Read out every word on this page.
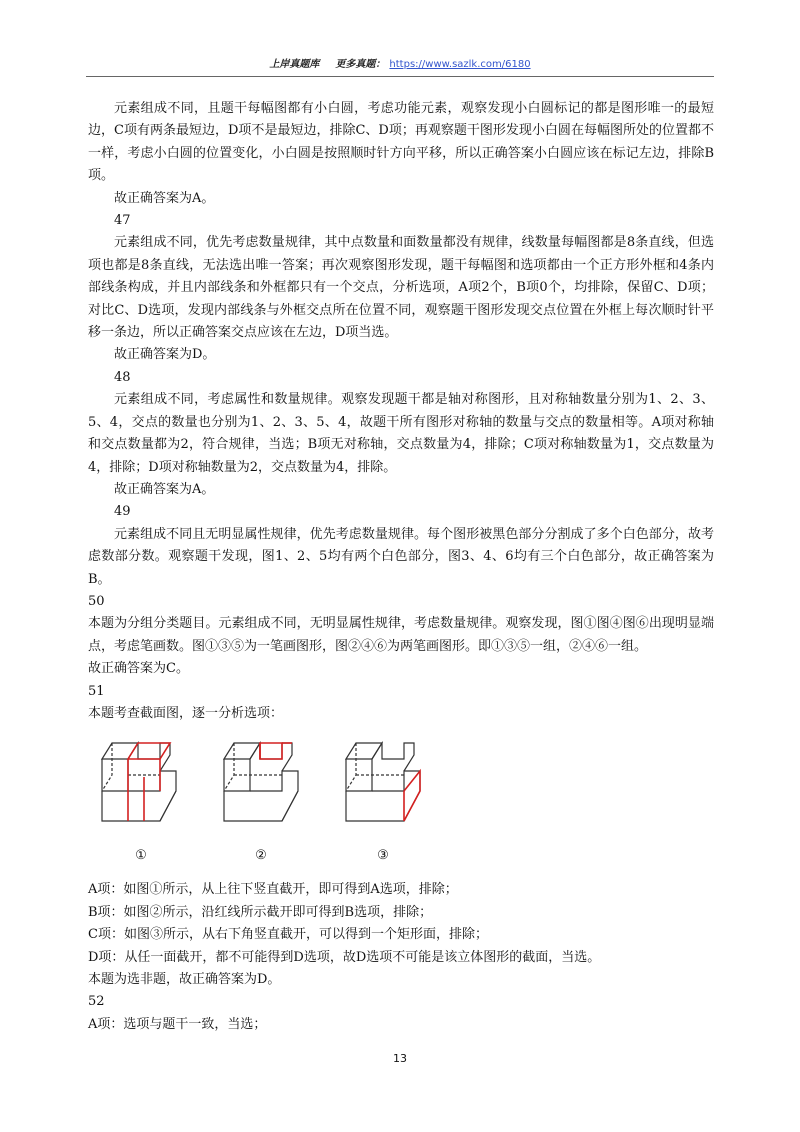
上岸真题库 更多真题： https://www.sazlk.com/6180

元素组成不同，且题干每幅图都有小白圆，考虑功能元素，观察发现小白圆标记的都是图形唯一的最短边，C项有两条最短边，D项不是最短边，排除C、D项；再观察题干图形发现小白圆在每幅图所处的位置都不一样，考虑小白圆的位置变化，小白圆是按照顺时针方向平移，所以正确答案小白圆应该在标记左边，排除B项。

故正确答案为A。

47

元素组成不同，优先考虑数量规律，其中点数量和面数量都没有规律，线数量每幅图都是8条直线，但选项也都是8条直线，无法选出唯一答案；再次观察图形发现，题干每幅图和选项都由一个正方形外框和4条内部线条构成，并且内部线条和外框都只有一个交点，分析选项，A项2个，B项0个，均排除，保留C、D项；对比C、D选项，发现内部线条与外框交点所在位置不同，观察题干图形发现交点位置在外框上每次顺时针平移一条边，所以正确答案交点应该在左边，D项当选。

故正确答案为D。

48

元素组成不同，考虑属性和数量规律。观察发现题干都是轴对称图形，且对称轴数量分别为1、2、3、5、4，交点的数量也分别为1、2、3、5、4，故题干所有图形对称轴的数量与交点的数量相等。A项对称轴和交点数量都为2，符合规律，当选；B项无对称轴，交点数量为4，排除；C项对称轴数量为1，交点数量为4，排除；D项对称轴数量为2，交点数量为4，排除。

故正确答案为A。

49

元素组成不同且无明显属性规律，优先考虑数量规律。每个图形被黑色部分分割成了多个白色部分，故考虑数部分数。观察题干发现，图1、2、5均有两个白色部分，图3、4、6均有三个白色部分，故正确答案为B。

50

本题为分组分类题目。元素组成不同，无明显属性规律，考虑数量规律。观察发现，图①图④图⑥出现明显端点，考虑笔画数。图①③⑤为一笔画图形，图②④⑥为两笔画图形。即①③⑤一组，②④⑥一组。

故正确答案为C。

51

本题考查截面图，逐一分析选项：

①	②	③

A项：如图①所示，从上往下竖直截开，即可得到A选项，排除；

B项：如图②所示，沿红线所示截开即可得到B选项，排除；

C项：如图③所示，从右下角竖直截开，可以得到一个矩形面，排除；

D项：从任一面截开，都不可能得到D选项，故D选项不可能是该立体图形的截面，当选。

本题为选非题，故正确答案为D。

52

A项：选项与题干一致，当选；

13
